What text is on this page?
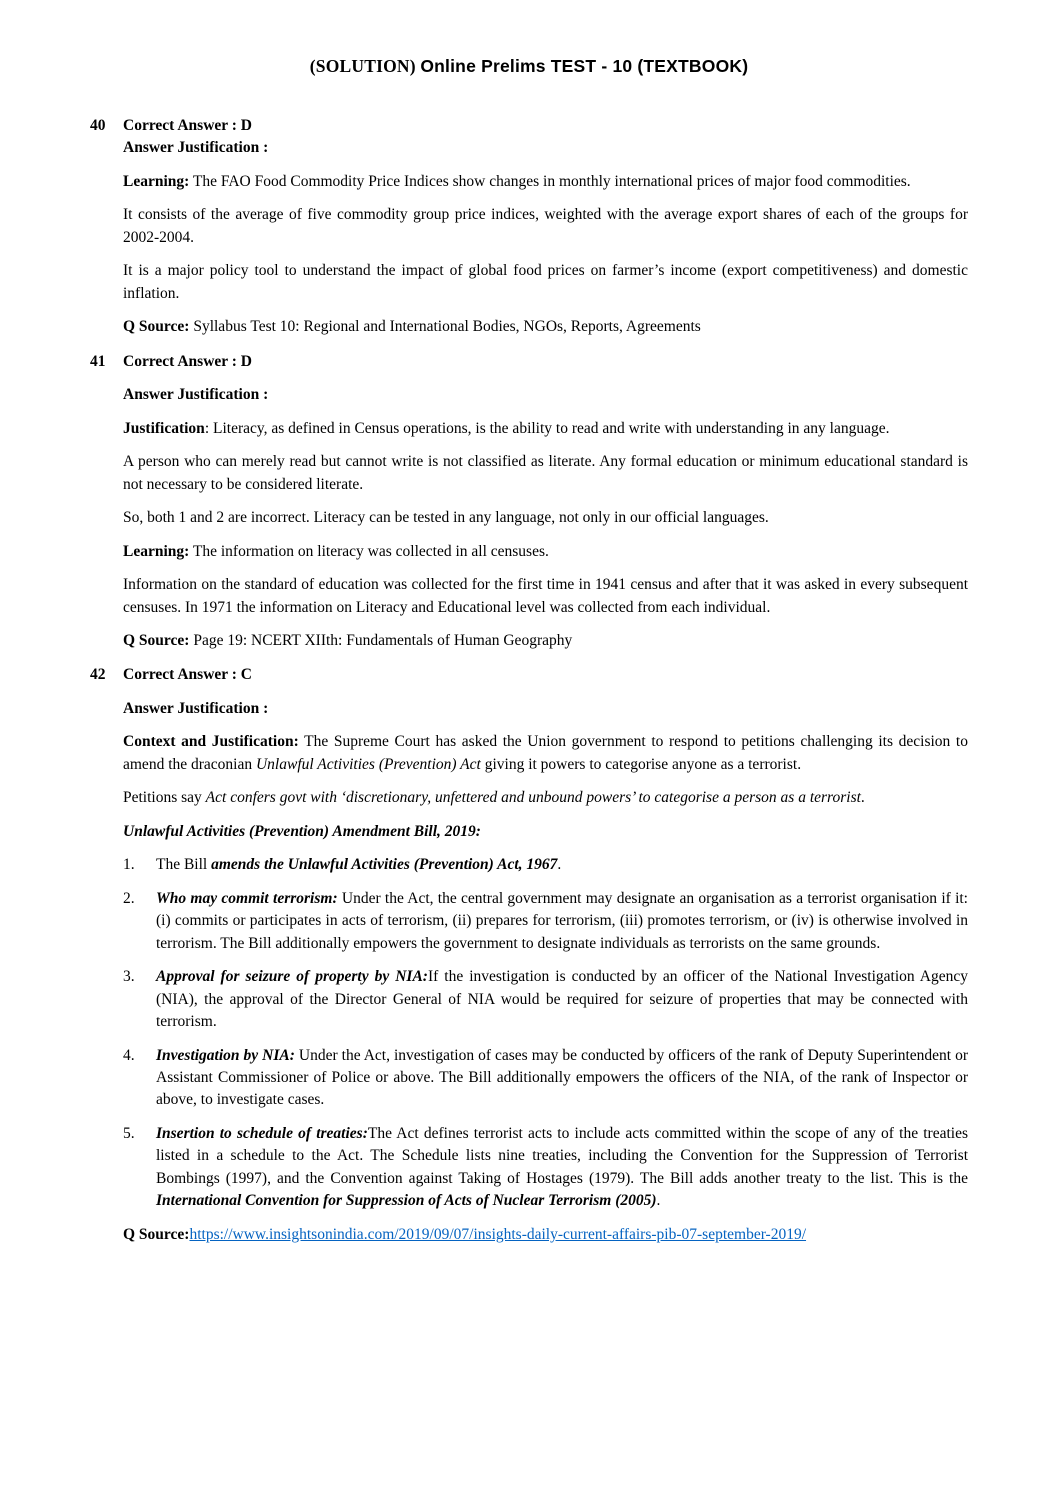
(SOLUTION) Online Prelims TEST - 10 (TEXTBOOK)
40	Correct Answer : D
Answer Justification :
Learning: The FAO Food Commodity Price Indices show changes in monthly international prices of major food commodities.
It consists of the average of five commodity group price indices, weighted with the average export shares of each of the groups for 2002-2004.
It is a major policy tool to understand the impact of global food prices on farmer’s income (export competitiveness) and domestic inflation.
Q Source: Syllabus Test 10: Regional and International Bodies, NGOs, Reports, Agreements
41	Correct Answer : D
Answer Justification :
Justification: Literacy, as defined in Census operations, is the ability to read and write with understanding in any language.
A person who can merely read but cannot write is not classified as literate. Any formal education or minimum educational standard is not necessary to be considered literate.
So, both 1 and 2 are incorrect. Literacy can be tested in any language, not only in our official languages.
Learning: The information on literacy was collected in all censuses.
Information on the standard of education was collected for the first time in 1941 census and after that it was asked in every subsequent censuses. In 1971 the information on Literacy and Educational level was collected from each individual.
Q Source: Page 19: NCERT XIIth: Fundamentals of Human Geography
42	Correct Answer : C
Answer Justification :
Context and Justification: The Supreme Court has asked the Union government to respond to petitions challenging its decision to amend the draconian Unlawful Activities (Prevention) Act giving it powers to categorise anyone as a terrorist.
Petitions say Act confers govt with ‘discretionary, unfettered and unbound powers’ to categorise a person as a terrorist.
Unlawful Activities (Prevention) Amendment Bill, 2019:
1.	The Bill amends the Unlawful Activities (Prevention) Act, 1967.
2.	Who may commit terrorism: Under the Act, the central government may designate an organisation as a terrorist organisation if it: (i) commits or participates in acts of terrorism, (ii) prepares for terrorism, (iii) promotes terrorism, or (iv) is otherwise involved in terrorism. The Bill additionally empowers the government to designate individuals as terrorists on the same grounds.
3.	Approval for seizure of property by NIA:If the investigation is conducted by an officer of the National Investigation Agency (NIA), the approval of the Director General of NIA would be required for seizure of properties that may be connected with terrorism.
4.	Investigation by NIA: Under the Act, investigation of cases may be conducted by officers of the rank of Deputy Superintendent or Assistant Commissioner of Police or above. The Bill additionally empowers the officers of the NIA, of the rank of Inspector or above, to investigate cases.
5.	Insertion to schedule of treaties:The Act defines terrorist acts to include acts committed within the scope of any of the treaties listed in a schedule to the Act. The Schedule lists nine treaties, including the Convention for the Suppression of Terrorist Bombings (1997), and the Convention against Taking of Hostages (1979). The Bill adds another treaty to the list. This is the International Convention for Suppression of Acts of Nuclear Terrorism (2005).
Q Source:https://www.insightsonindia.com/2019/09/07/insights-daily-current-affairs-pib-07-september-2019/
